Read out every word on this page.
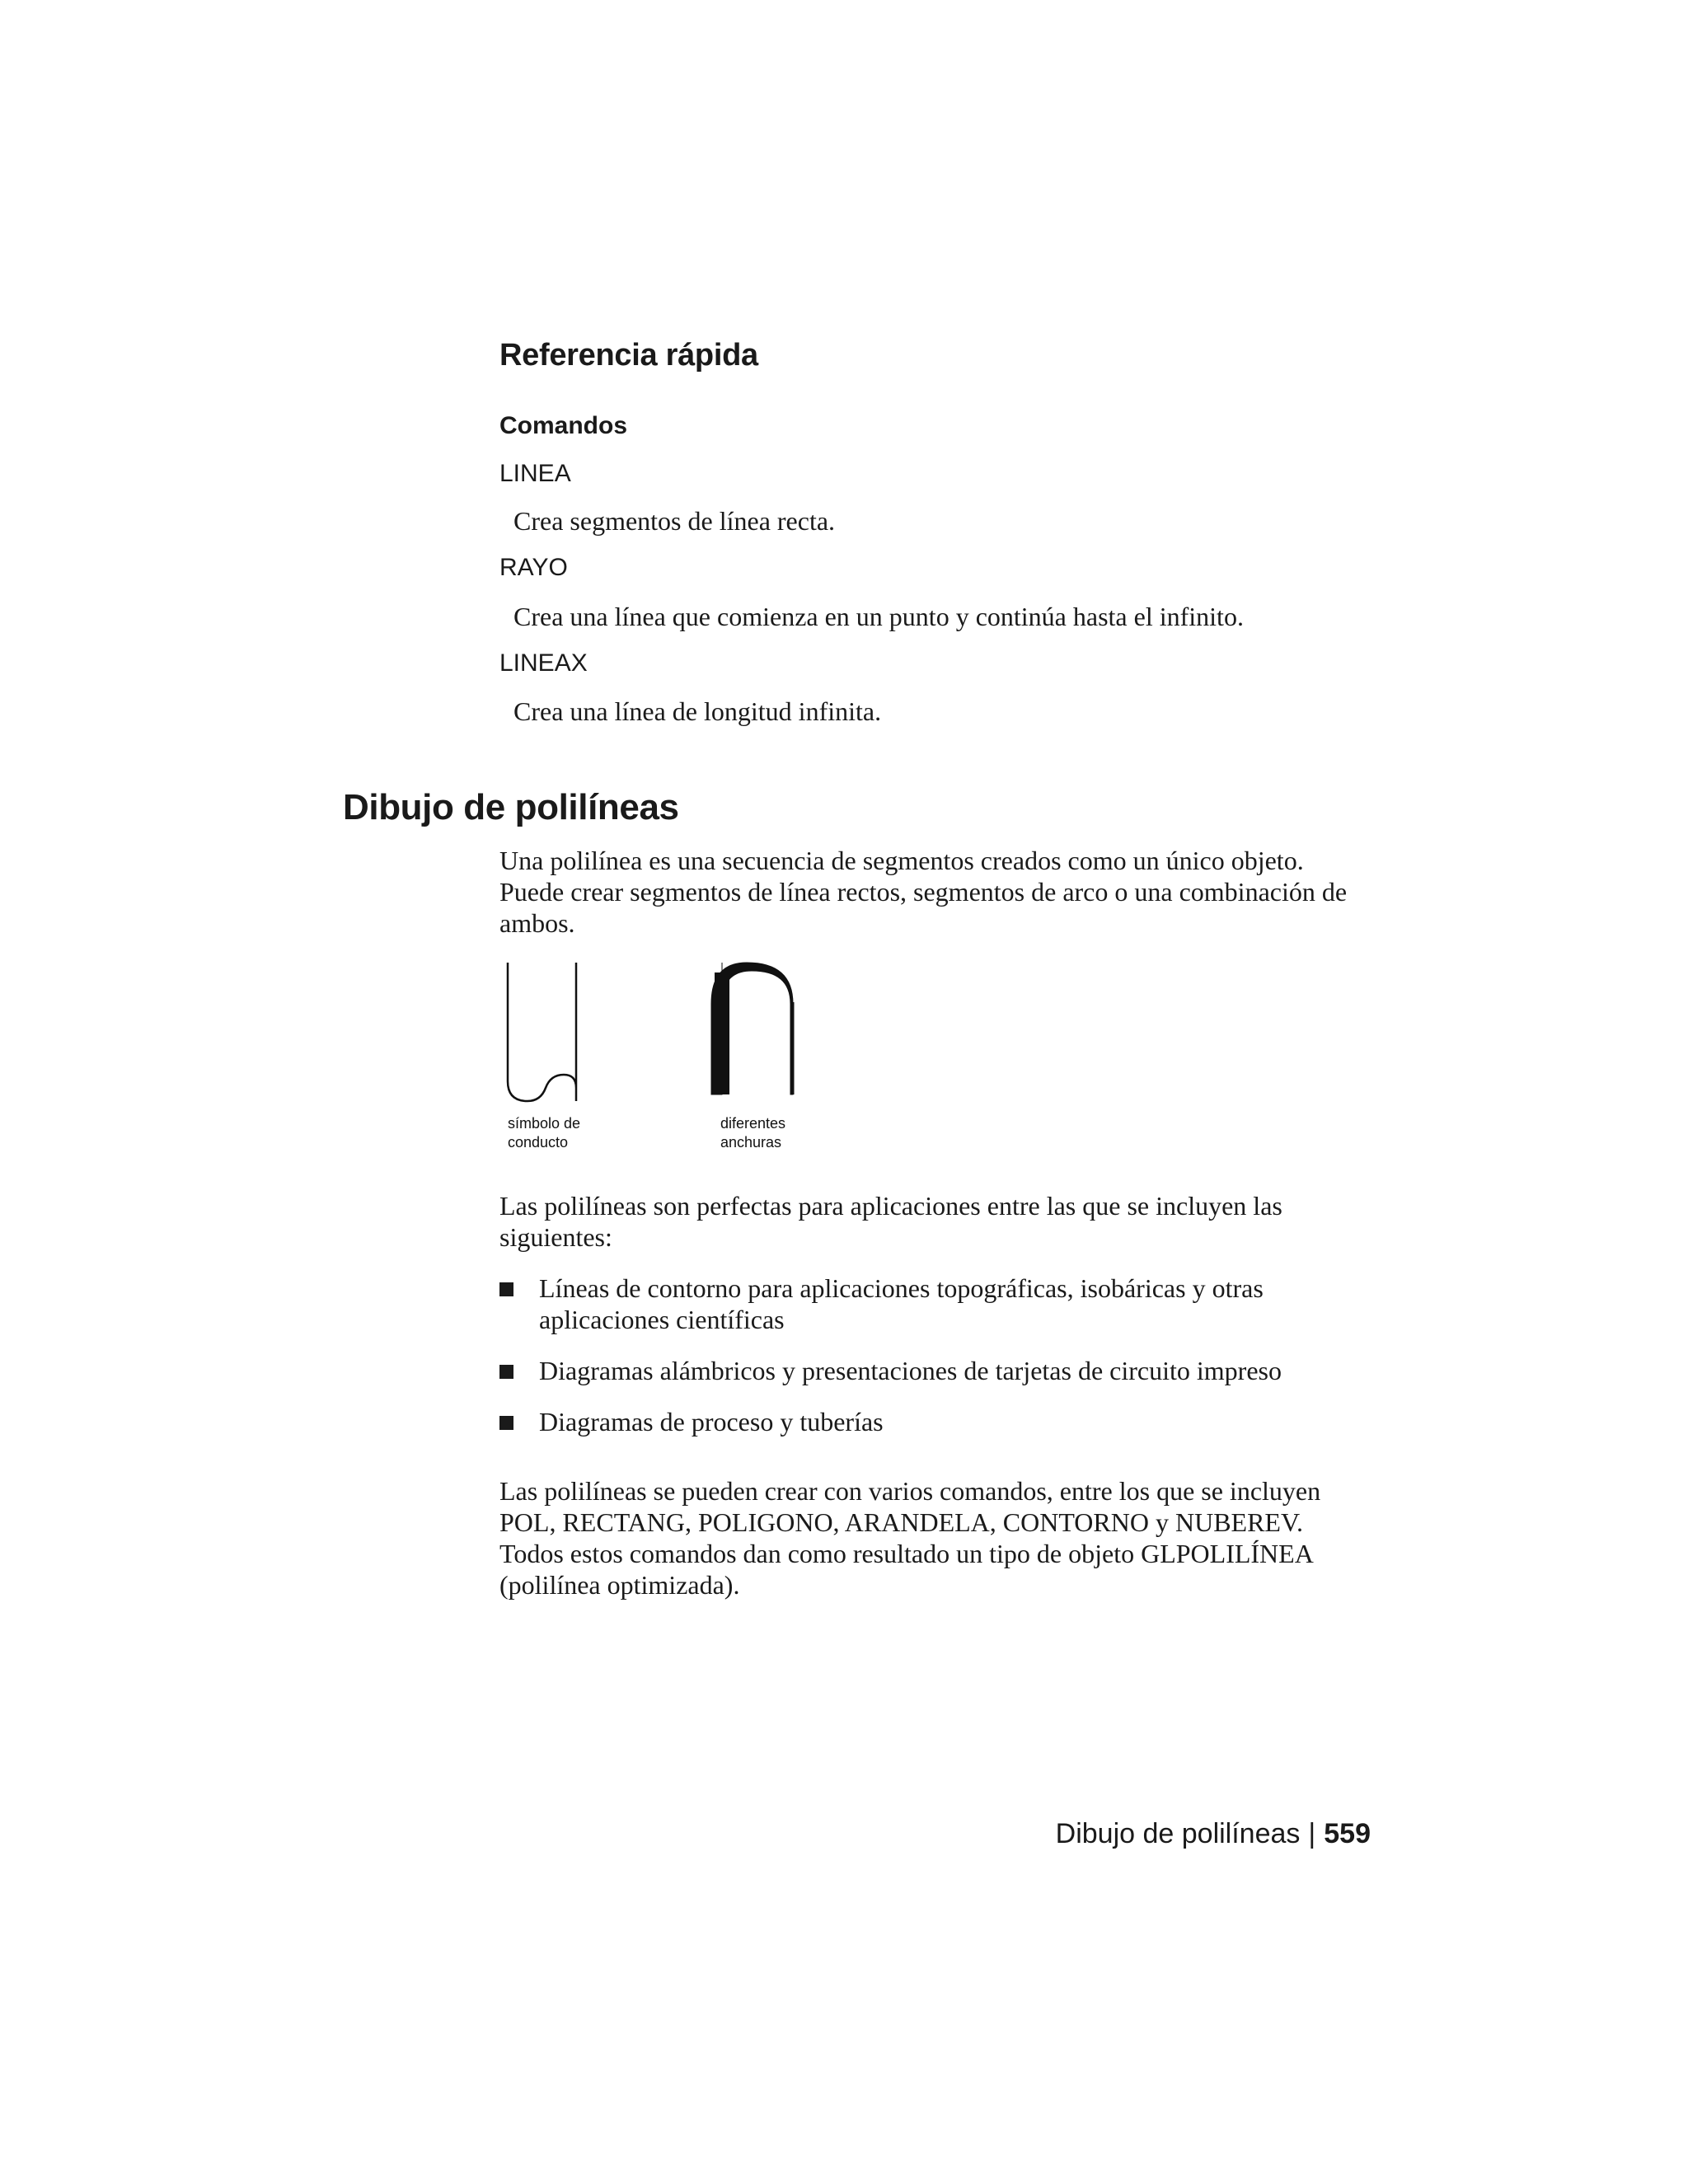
Referencia rápida
Comandos
LINEA
Crea segmentos de línea recta.
RAYO
Crea una línea que comienza en un punto y continúa hasta el infinito.
LINEAX
Crea una línea de longitud infinita.
Dibujo de polilíneas
Una polilínea es una secuencia de segmentos creados como un único objeto. Puede crear segmentos de línea rectos, segmentos de arco o una combinación de ambos.
símbolo de
conducto
diferentes
anchuras
Las polilíneas son perfectas para aplicaciones entre las que se incluyen las siguientes:
Líneas de contorno para aplicaciones topográficas, isobáricas y otras aplicaciones científicas
Diagramas alámbricos y presentaciones de tarjetas de circuito impreso
Diagramas de proceso y tuberías
Las polilíneas se pueden crear con varios comandos, entre los que se incluyen POL, RECTANG, POLIGONO, ARANDELA, CONTORNO y NUBEREV. Todos estos comandos dan como resultado un tipo de objeto GLPOLILÍNEA (polilínea optimizada).
Dibujo de polilíneas | 559
